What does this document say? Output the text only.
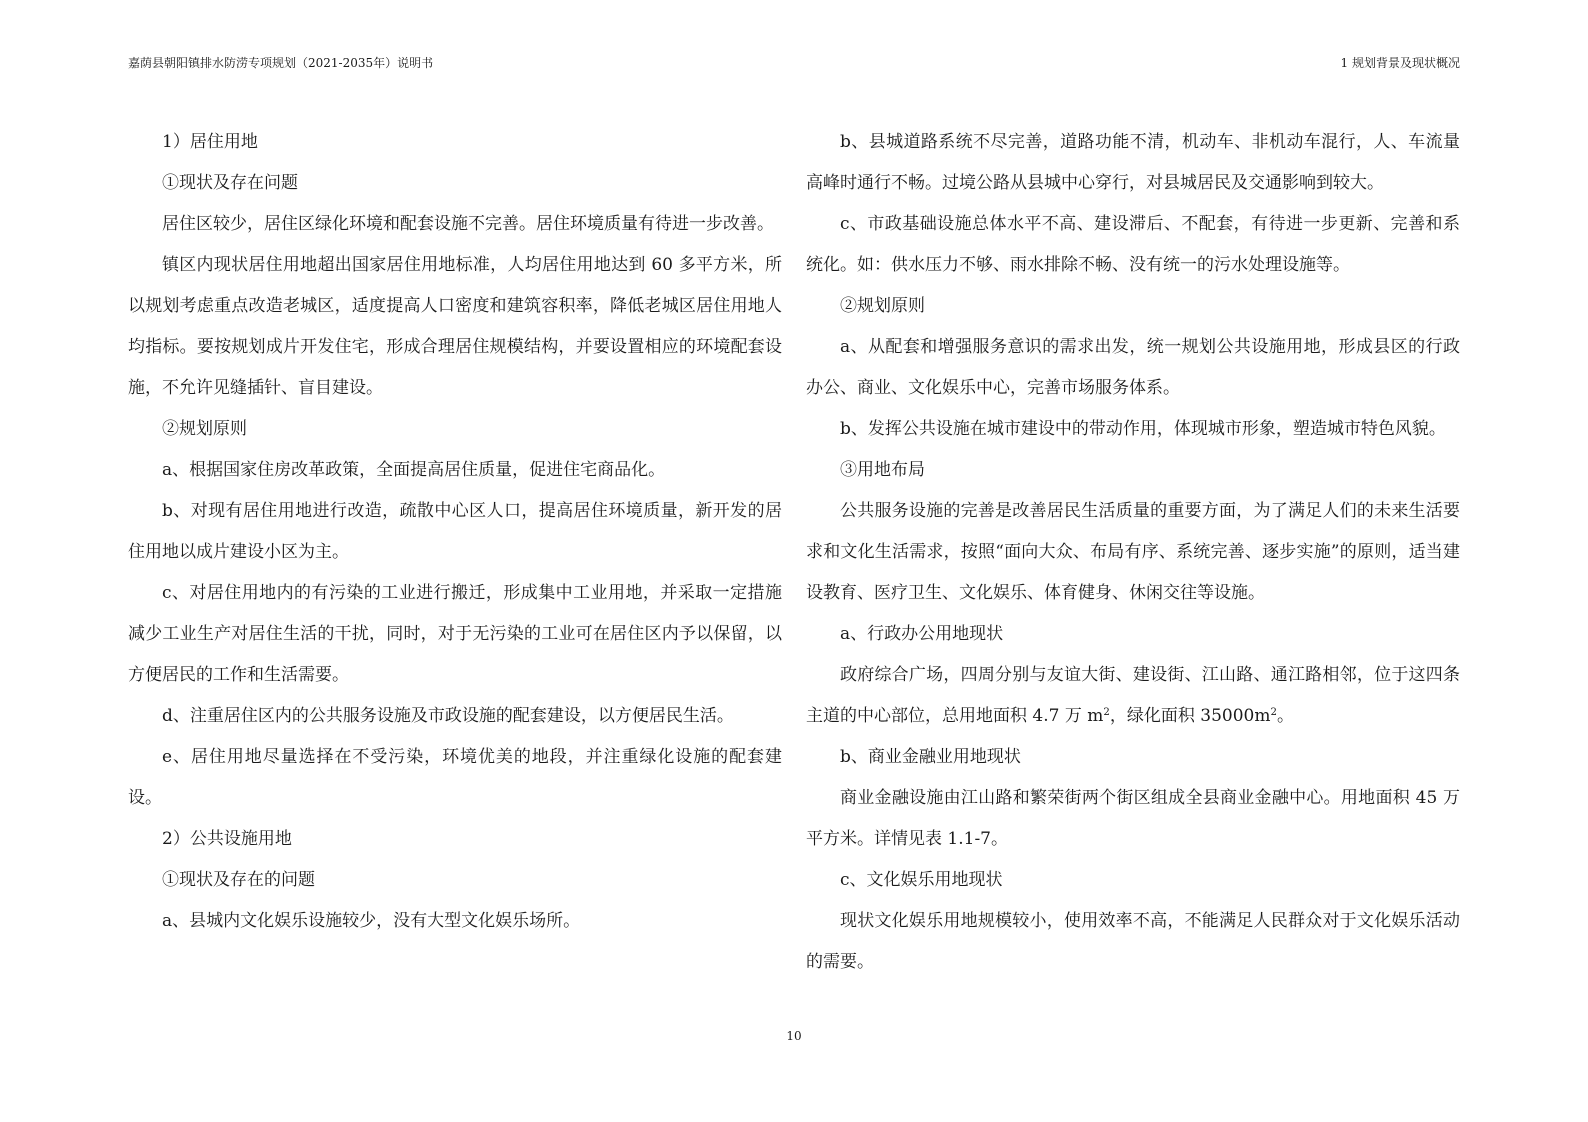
嘉荫县朝阳镇排水防涝专项规划（2021-2035年）说明书	1 规划背景及现状概况

1）居住用地

①现状及存在问题

居住区较少，居住区绿化环境和配套设施不完善。居住环境质量有待进一步改善。

镇区内现状居住用地超出国家居住用地标准，人均居住用地达到 60 多平方米，所以规划考虑重点改造老城区，适度提高人口密度和建筑容积率，降低老城区居住用地人均指标。要按规划成片开发住宅，形成合理居住规模结构，并要设置相应的环境配套设施，不允许见缝插针、盲目建设。

②规划原则

a、根据国家住房改革政策，全面提高居住质量，促进住宅商品化。

b、对现有居住用地进行改造，疏散中心区人口，提高居住环境质量，新开发的居住用地以成片建设小区为主。

c、对居住用地内的有污染的工业进行搬迁，形成集中工业用地，并采取一定措施减少工业生产对居住生活的干扰，同时，对于无污染的工业可在居住区内予以保留，以方便居民的工作和生活需要。

d、注重居住区内的公共服务设施及市政设施的配套建设，以方便居民生活。

e、居住用地尽量选择在不受污染，环境优美的地段，并注重绿化设施的配套建设。

2）公共设施用地

①现状及存在的问题

a、县城内文化娱乐设施较少，没有大型文化娱乐场所。

b、县城道路系统不尽完善，道路功能不清，机动车、非机动车混行，人、车流量高峰时通行不畅。过境公路从县城中心穿行，对县城居民及交通影响到较大。

c、市政基础设施总体水平不高、建设滞后、不配套，有待进一步更新、完善和系统化。如：供水压力不够、雨水排除不畅、没有统一的污水处理设施等。

②规划原则

a、从配套和增强服务意识的需求出发，统一规划公共设施用地，形成县区的行政办公、商业、文化娱乐中心，完善市场服务体系。

b、发挥公共设施在城市建设中的带动作用，体现城市形象，塑造城市特色风貌。

③用地布局

公共服务设施的完善是改善居民生活质量的重要方面，为了满足人们的未来生活要求和文化生活需求，按照“面向大众、布局有序、系统完善、逐步实施”的原则，适当建设教育、医疗卫生、文化娱乐、体育健身、休闲交往等设施。

a、行政办公用地现状

政府综合广场，四周分别与友谊大街、建设街、江山路、通江路相邻，位于这四条主道的中心部位，总用地面积 4.7 万 $m^2$，绿化面积 $35000m^2$。

b、商业金融业用地现状

商业金融设施由江山路和繁荣街两个街区组成全县商业金融中心。用地面积 45 万平方米。详情见表 1.1-7。

c、文化娱乐用地现状

现状文化娱乐用地规模较小，使用效率不高，不能满足人民群众对于文化娱乐活动的需要。

10
